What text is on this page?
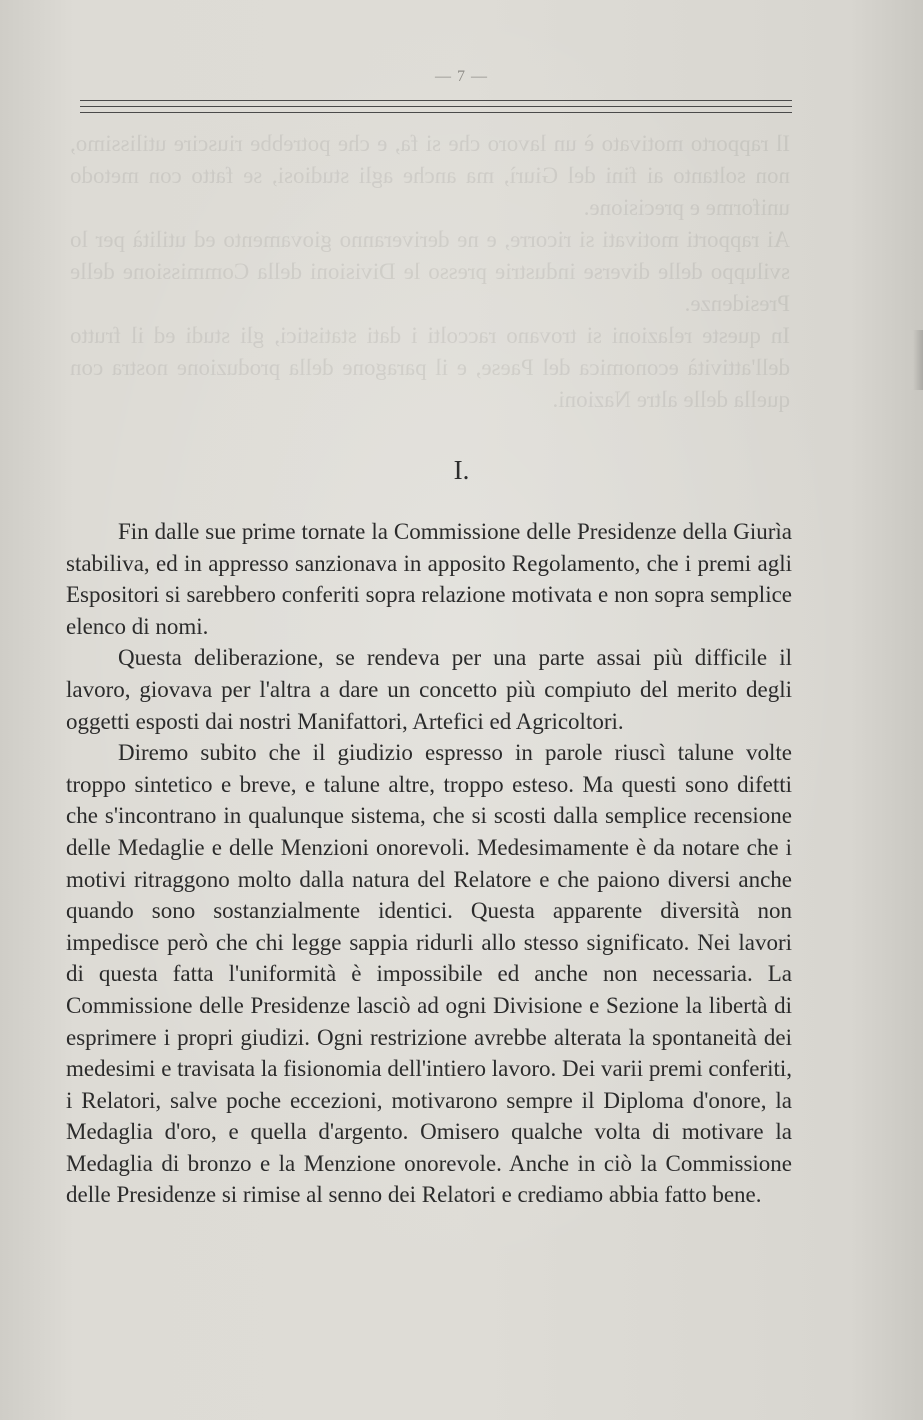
Il rapporto motivato è un lavoro che si fa, e che potrebbe riuscire utilissimo, non soltanto ai fini del Giurì, ma anche agli studiosi, se fatto con metodo uniforme e precisione.

Ai rapporti motivati si ricorre, e ne deriveranno giovamento ed utilità per lo sviluppo delle diverse industrie presso le Divisioni della Commissione delle Presidenze.

In queste relazioni si trovano raccolti i dati statistici, gli studi ed il frutto dell'attività economica del Paese, e il paragone della produzione nostra con quella delle altre Nazioni.

— 7 —
I.

Fin dalle sue prime tornate la Commissione delle Presidenze della Giurìa stabiliva, ed in appresso sanzionava in apposito Regolamento, che i premi agli Espositori si sarebbero conferiti sopra relazione motivata e non sopra semplice elenco di nomi.

Questa deliberazione, se rendeva per una parte assai più difficile il lavoro, giovava per l'altra a dare un concetto più compiuto del merito degli oggetti esposti dai nostri Manifattori, Artefici ed Agricoltori.

Diremo subito che il giudizio espresso in parole riuscì talune volte troppo sintetico e breve, e talune altre, troppo esteso. Ma questi sono difetti che s'incontrano in qualunque sistema, che si scosti dalla semplice recensione delle Medaglie e delle Menzioni onorevoli. Medesimamente è da notare che i motivi ritraggono molto dalla natura del Relatore e che paiono diversi anche quando sono sostanzialmente identici. Questa apparente diversità non impedisce però che chi legge sappia ridurli allo stesso significato. Nei lavori di questa fatta l'uniformità è impossibile ed anche non necessaria. La Commissione delle Presidenze lasciò ad ogni Divisione e Sezione la libertà di esprimere i propri giudizi. Ogni restrizione avrebbe alterata la spontaneità dei medesimi e travisata la fisionomia dell'intiero lavoro. Dei varii premi conferiti, i Relatori, salve poche eccezioni, motivarono sempre il Diploma d'onore, la Medaglia d'oro, e quella d'argento. Omisero qualche volta di motivare la Medaglia di bronzo e la Menzione onorevole. Anche in ciò la Commissione delle Presidenze si rimise al senno dei Relatori e crediamo abbia fatto bene.
